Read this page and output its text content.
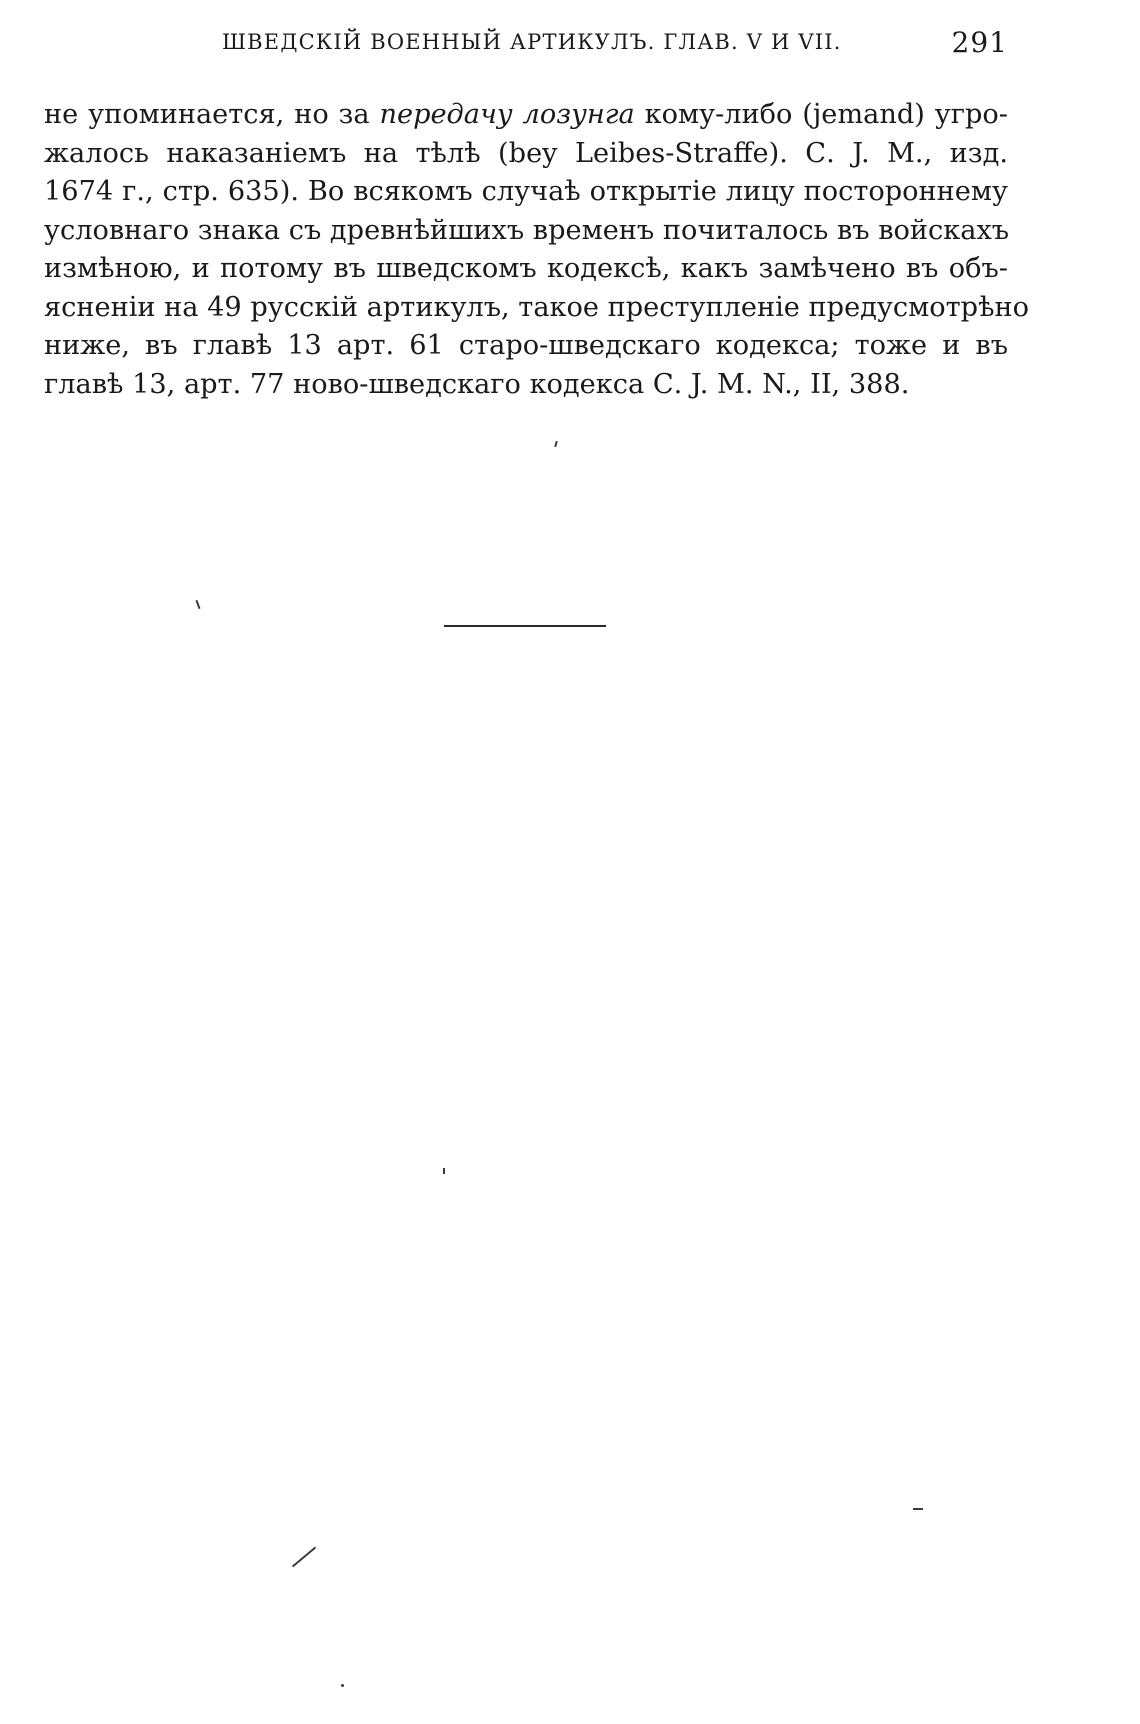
ШВЕДСКІЙ ВОЕННЫЙ АРТИКУЛЪ. ГЛАВ. V И VII.	291
не упоминается, но за передачу лозунга кому-либо (jemand) угро-
жалось наказаніемъ на тѣлѣ (bey Leibes-Straffe). С. J. M., изд.
1674 г., стр. 635). Во всякомъ случаѣ открытіе лицу постороннему
условнаго знака съ древнѣйшихъ временъ почиталось въ войскахъ
измѣною, и потому въ шведскомъ кодексѣ, какъ замѣчено въ объ-
ясненіи на 49 русскій артикулъ, такое преступленіе предусмотрѣно
ниже, въ главѣ 13 арт. 61 старо-шведскаго кодекса; тоже и въ
главѣ 13, арт. 77 ново-шведскаго кодекса С. J. M. N., II, 388.
